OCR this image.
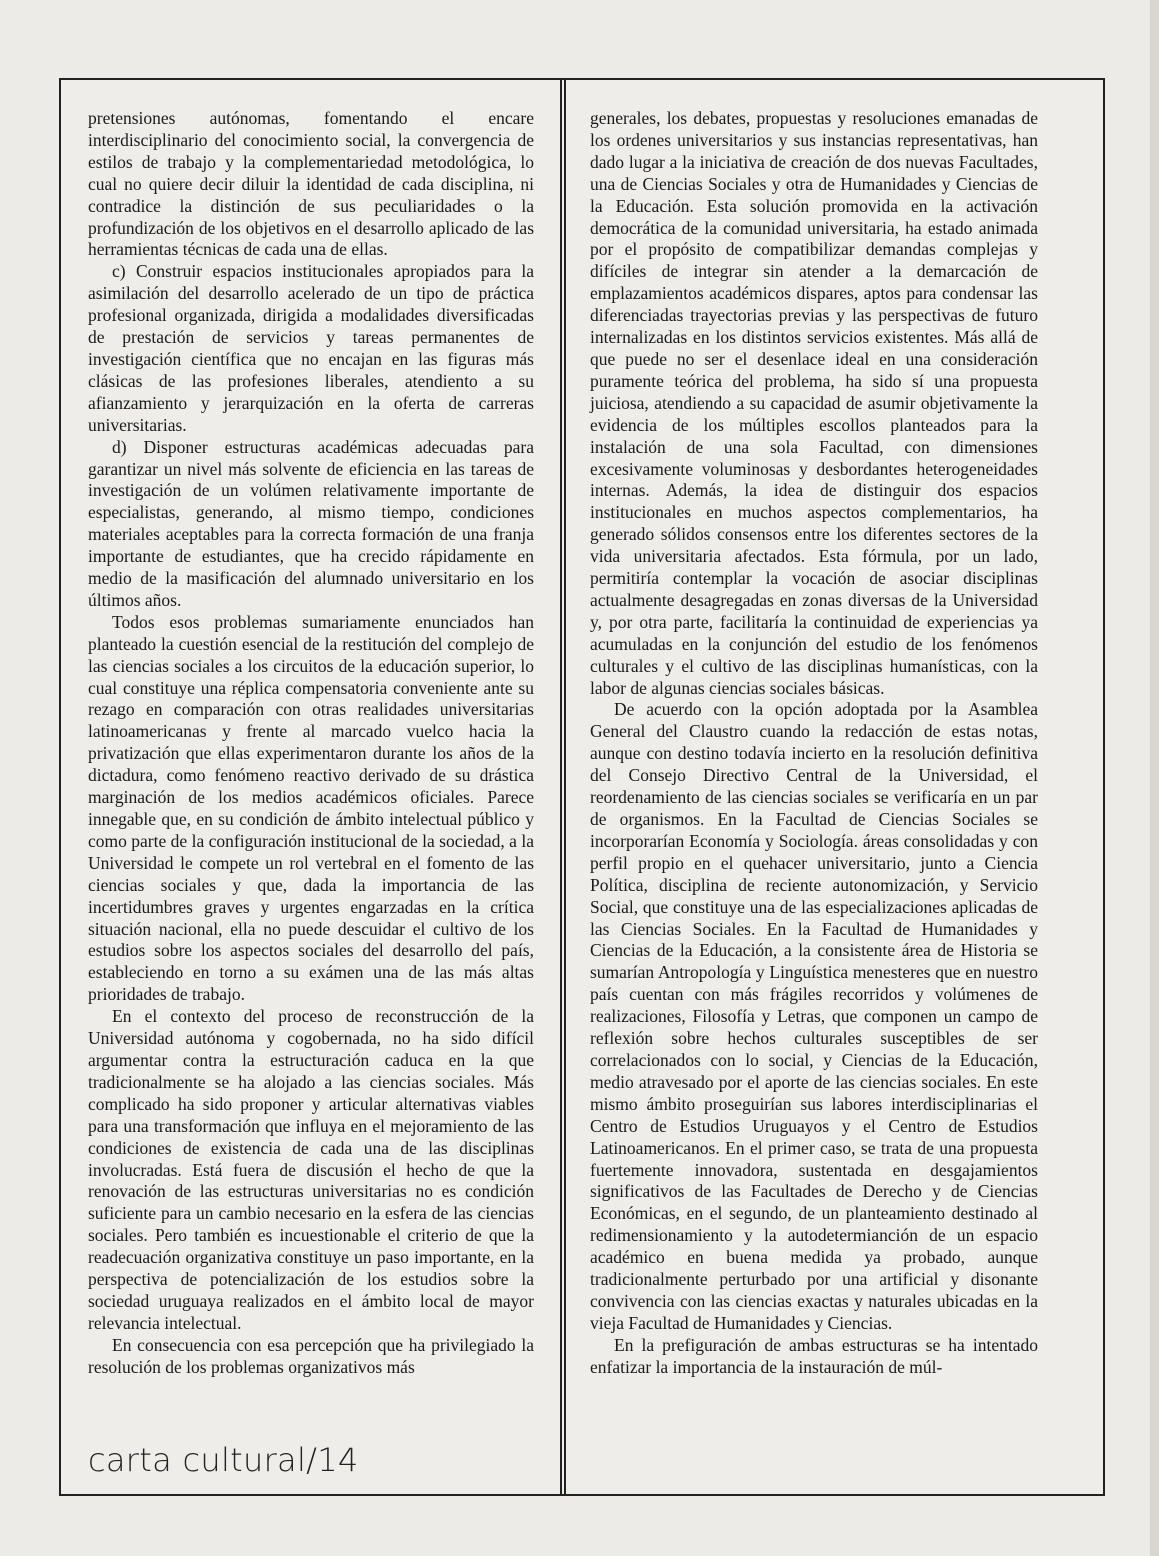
pretensiones autónomas, fomentando el encare interdisciplinario del conocimiento social, la convergencia de estilos de trabajo y la complementariedad metodológica, lo cual no quiere decir diluir la identidad de cada disciplina, ni contradice la distinción de sus peculiaridades o la profundización de los objetivos en el desarrollo aplicado de las herramientas técnicas de cada una de ellas.

c) Construir espacios institucionales apropiados para la asimilación del desarrollo acelerado de un tipo de práctica profesional organizada, dirigida a modalidades diversificadas de prestación de servicios y tareas permanentes de investigación científica que no encajan en las figuras más clásicas de las profesiones liberales, atendiento a su afianzamiento y jerarquización en la oferta de carreras universitarias.

d) Disponer estructuras académicas adecuadas para garantizar un nivel más solvente de eficiencia en las tareas de investigación de un volúmen relativamente importante de especialistas, generando, al mismo tiempo, condiciones materiales aceptables para la correcta formación de una franja importante de estudiantes, que ha crecido rápidamente en medio de la masificación del alumnado universitario en los últimos años.

Todos esos problemas sumariamente enunciados han planteado la cuestión esencial de la restitución del complejo de las ciencias sociales a los circuitos de la educación superior, lo cual constituye una réplica compensatoria conveniente ante su rezago en comparación con otras realidades universitarias latinoamericanas y frente al marcado vuelco hacia la privatización que ellas experimentaron durante los años de la dictadura, como fenómeno reactivo derivado de su drástica marginación de los medios académicos oficiales. Parece innegable que, en su condición de ámbito intelectual público y como parte de la configuración institucional de la sociedad, a la Universidad le compete un rol vertebral en el fomento de las ciencias sociales y que, dada la importancia de las incertidumbres graves y urgentes engarzadas en la crítica situación nacional, ella no puede descuidar el cultivo de los estudios sobre los aspectos sociales del desarrollo del país, estableciendo en torno a su exámen una de las más altas prioridades de trabajo.

En el contexto del proceso de reconstrucción de la Universidad autónoma y cogobernada, no ha sido difícil argumentar contra la estructuración caduca en la que tradicionalmente se ha alojado a las ciencias sociales. Más complicado ha sido proponer y articular alternativas viables para una transformación que influya en el mejoramiento de las condiciones de existencia de cada una de las disciplinas involucradas. Está fuera de discusión el hecho de que la renovación de las estructuras universitarias no es condición suficiente para un cambio necesario en la esfera de las ciencias sociales. Pero también es incuestionable el criterio de que la readecuación organizativa constituye un paso importante, en la perspectiva de potencialización de los estudios sobre la sociedad uruguaya realizados en el ámbito local de mayor relevancia intelectual.

En consecuencia con esa percepción que ha privilegiado la resolución de los problemas organizativos más

generales, los debates, propuestas y resoluciones emanadas de los ordenes universitarios y sus instancias representativas, han dado lugar a la iniciativa de creación de dos nuevas Facultades, una de Ciencias Sociales y otra de Humanidades y Ciencias de la Educación. Esta solución promovida en la activación democrática de la comunidad universitaria, ha estado animada por el propósito de compatibilizar demandas complejas y difíciles de integrar sin atender a la demarcación de emplazamientos académicos dispares, aptos para condensar las diferenciadas trayectorias previas y las perspectivas de futuro internalizadas en los distintos servicios existentes. Más allá de que puede no ser el desenlace ideal en una consideración puramente teórica del problema, ha sido sí una propuesta juiciosa, atendiendo a su capacidad de asumir objetivamente la evidencia de los múltiples escollos planteados para la instalación de una sola Facultad, con dimensiones excesivamente voluminosas y desbordantes heterogeneidades internas. Además, la idea de distinguir dos espacios institucionales en muchos aspectos complementarios, ha generado sólidos consensos entre los diferentes sectores de la vida universitaria afectados. Esta fórmula, por un lado, permitiría contemplar la vocación de asociar disciplinas actualmente desagregadas en zonas diversas de la Universidad y, por otra parte, facilitaría la continuidad de experiencias ya acumuladas en la conjunción del estudio de los fenómenos culturales y el cultivo de las disciplinas humanísticas, con la labor de algunas ciencias sociales básicas.

De acuerdo con la opción adoptada por la Asamblea General del Claustro cuando la redacción de estas notas, aunque con destino todavía incierto en la resolución definitiva del Consejo Directivo Central de la Universidad, el reordenamiento de las ciencias sociales se verificaría en un par de organismos. En la Facultad de Ciencias Sociales se incorporarían Economía y Sociología. áreas consolidadas y con perfil propio en el quehacer universitario, junto a Ciencia Política, disciplina de reciente autonomización, y Servicio Social, que constituye una de las especializaciones aplicadas de las Ciencias Sociales. En la Facultad de Humanidades y Ciencias de la Educación, a la consistente área de Historia se sumarían Antropología y Linguística menesteres que en nuestro país cuentan con más frágiles recorridos y volúmenes de realizaciones, Filosofía y Letras, que componen un campo de reflexión sobre hechos culturales susceptibles de ser correlacionados con lo social, y Ciencias de la Educación, medio atravesado por el aporte de las ciencias sociales. En este mismo ámbito proseguirían sus labores interdisciplinarias el Centro de Estudios Uruguayos y el Centro de Estudios Latinoamericanos. En el primer caso, se trata de una propuesta fuertemente innovadora, sustentada en desgajamientos significativos de las Facultades de Derecho y de Ciencias Económicas, en el segundo, de un planteamiento destinado al redimensionamiento y la autodetermianción de un espacio académico en buena medida ya probado, aunque tradicionalmente perturbado por una artificial y disonante convivencia con las ciencias exactas y naturales ubicadas en la vieja Facultad de Humanidades y Ciencias.

En la prefiguración de ambas estructuras se ha intentado enfatizar la importancia de la instauración de múl-

carta cultural/14
